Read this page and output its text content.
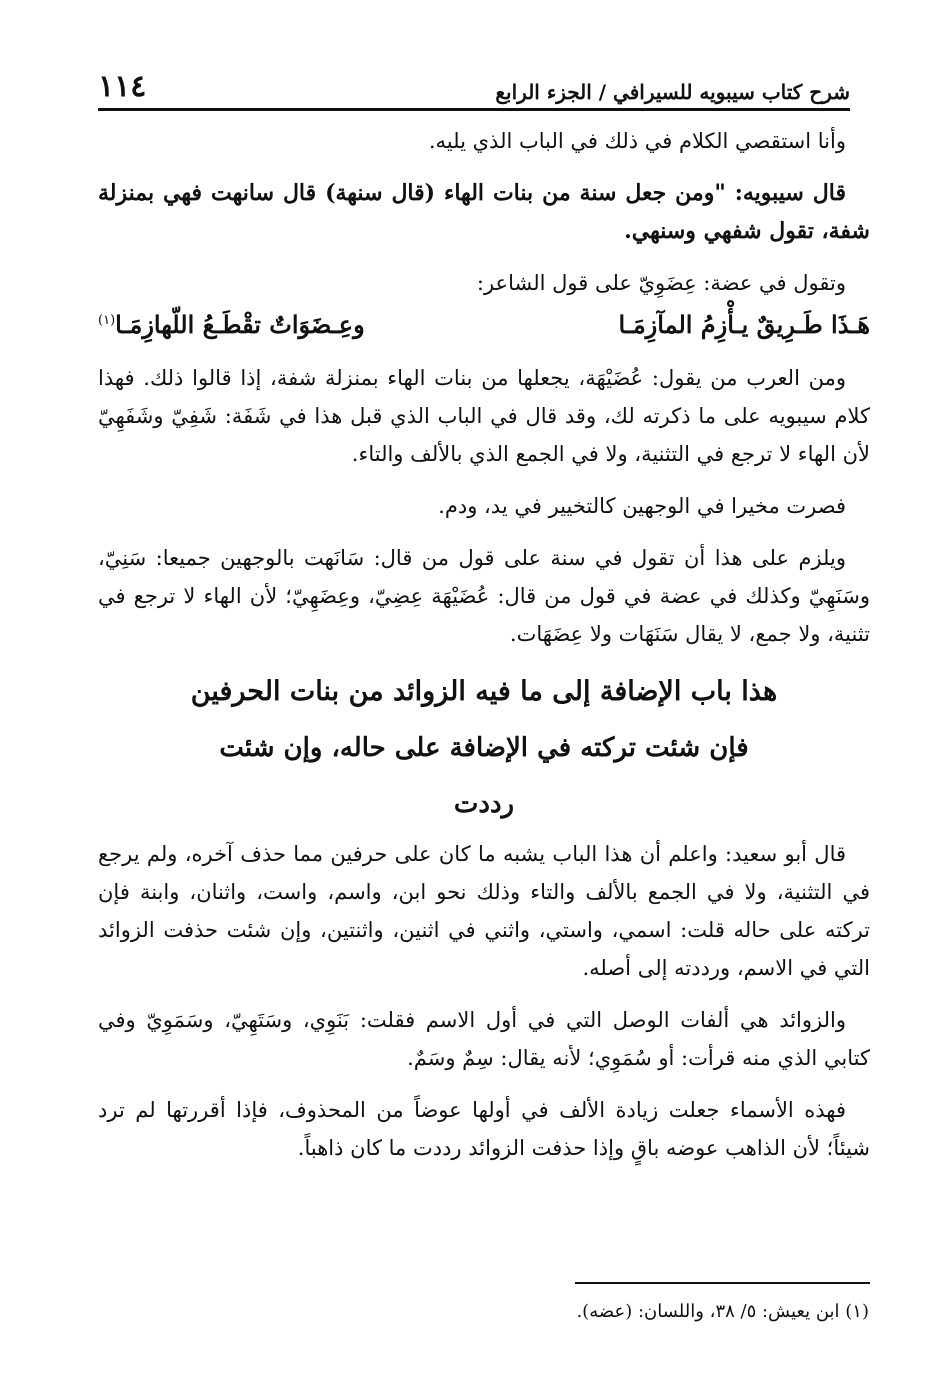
شرح كتاب سيبويه للسيرافي / الجزء الرابع
١١٤

وأنا استقصي الكلام في ذلك في الباب الذي يليه.

قال سيبويه: "ومن جعل سنة من بنات الهاء (قال سنهة) قال سانهت فهي بمنزلة شفة، تقول شفهي وسنهي.

وتقول في عضة: عِضَوِيّ على قول الشاعر:

هَـذَا طَـرِيقٌ يـأْزِمُ المآزِمَـا
وعِـضَوَاتٌ تقْطَـعُ اللّهازِمَـا$^{(١)}$

ومن العرب من يقول: عُضَيْهَة، يجعلها من بنات الهاء بمنزلة شفة، إذا قالوا ذلك. فهذا كلام سيبويه على ما ذكرته لك، وقد قال في الباب الذي قبل هذا في شَفَة: شَفِيّ وشَفَهِيّ لأن الهاء لا ترجع في التثنية، ولا في الجمع الذي بالألف والتاء.

فصرت مخيرا في الوجهين كالتخيير في يد، ودم.

ويلزم على هذا أن تقول في سنة على قول من قال: سَانَهت بالوجهين جميعا: سَنِيّ، وسَنَهِيّ وكذلك في عضة في قول من قال: عُضَيْهَة عِضِيّ، وعِضَهِيّ؛ لأن الهاء لا ترجع في تثنية، ولا جمع، لا يقال سَنَهَات ولا عِضَهَات.

هذا باب الإضافة إلى ما فيه الزوائد من بنات الحرفين
فإن شئت تركته في الإضافة على حاله، وإن شئت
رددت

قال أبو سعيد: واعلم أن هذا الباب يشبه ما كان على حرفين مما حذف آخره، ولم يرجع في التثنية، ولا في الجمع بالألف والتاء وذلك نحو ابن، واسم، واست، واثنان، وابنة فإن تركته على حاله قلت: اسمي، واستي، واثني في اثنين، واثنتين، وإن شئت حذفت الزوائد التي في الاسم، ورددته إلى أصله.

والزوائد هي ألفات الوصل التي في أول الاسم فقلت: بَنَوِي، وسَتَهِيّ، وسَمَوِيّ وفي كتابي الذي منه قرأت: أو سُمَوِي؛ لأنه يقال: سِمٌ وسَمٌ.

فهذه الأسماء جعلت زيادة الألف في أولها عوضاً من المحذوف، فإذا أقررتها لم ترد شيئاً؛ لأن الذاهب عوضه باقٍ وإذا حذفت الزوائد رددت ما كان ذاهباً.

(١) ابن يعيش: ٥/ ٣٨، واللسان: (عضه).
